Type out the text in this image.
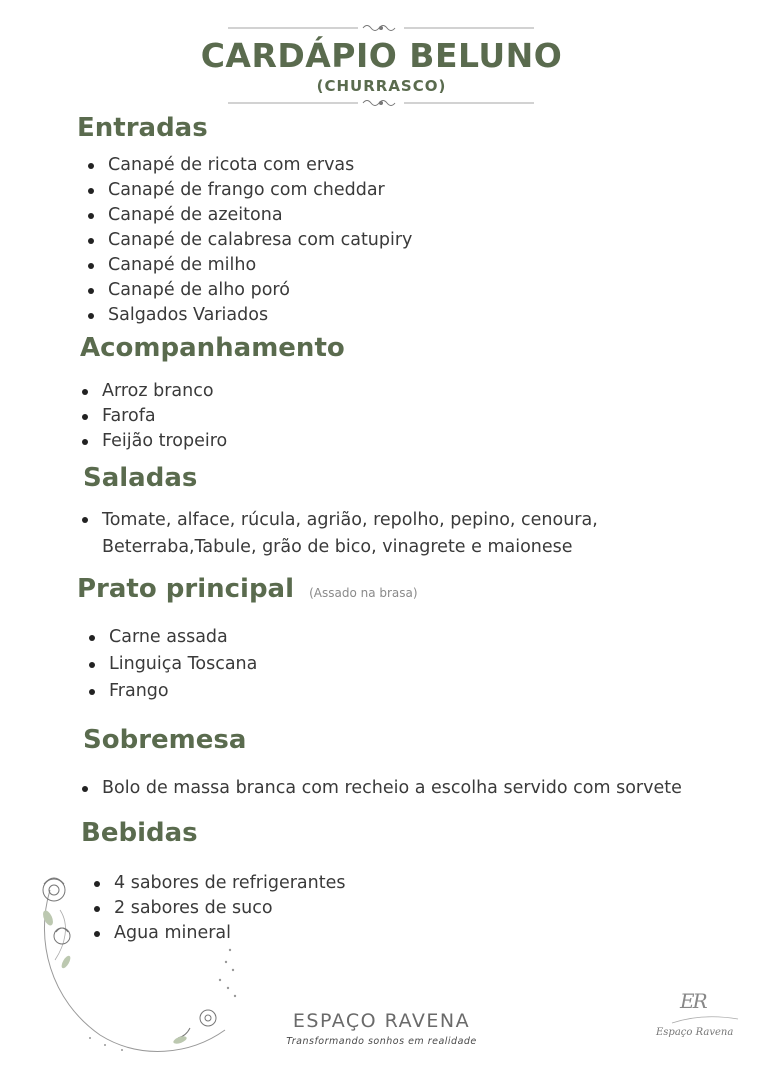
CARDÁPIO BELUNO
(CHURRASCO)
Entradas
Canapé de ricota com ervas
Canapé de frango com cheddar
Canapé de azeitona
Canapé de calabresa com catupiry
Canapé de milho
Canapé de alho poró
Salgados Variados
Acompanhamento
Arroz branco
Farofa
Feijão tropeiro
Saladas
Tomate, alface, rúcula, agrião, repolho, pepino, cenoura, Beterraba,Tabule, grão de bico, vinagrete e maionese
Prato principal (Assado na brasa)
Carne assada
Linguiça Toscana
Frango
Sobremesa
Bolo de massa branca com recheio a escolha servido com sorvete
Bebidas
4 sabores de refrigerantes
2 sabores de suco
Agua mineral
ESPAÇO RAVENA
Transformando sonhos em realidade
ER
Espaço Ravena
